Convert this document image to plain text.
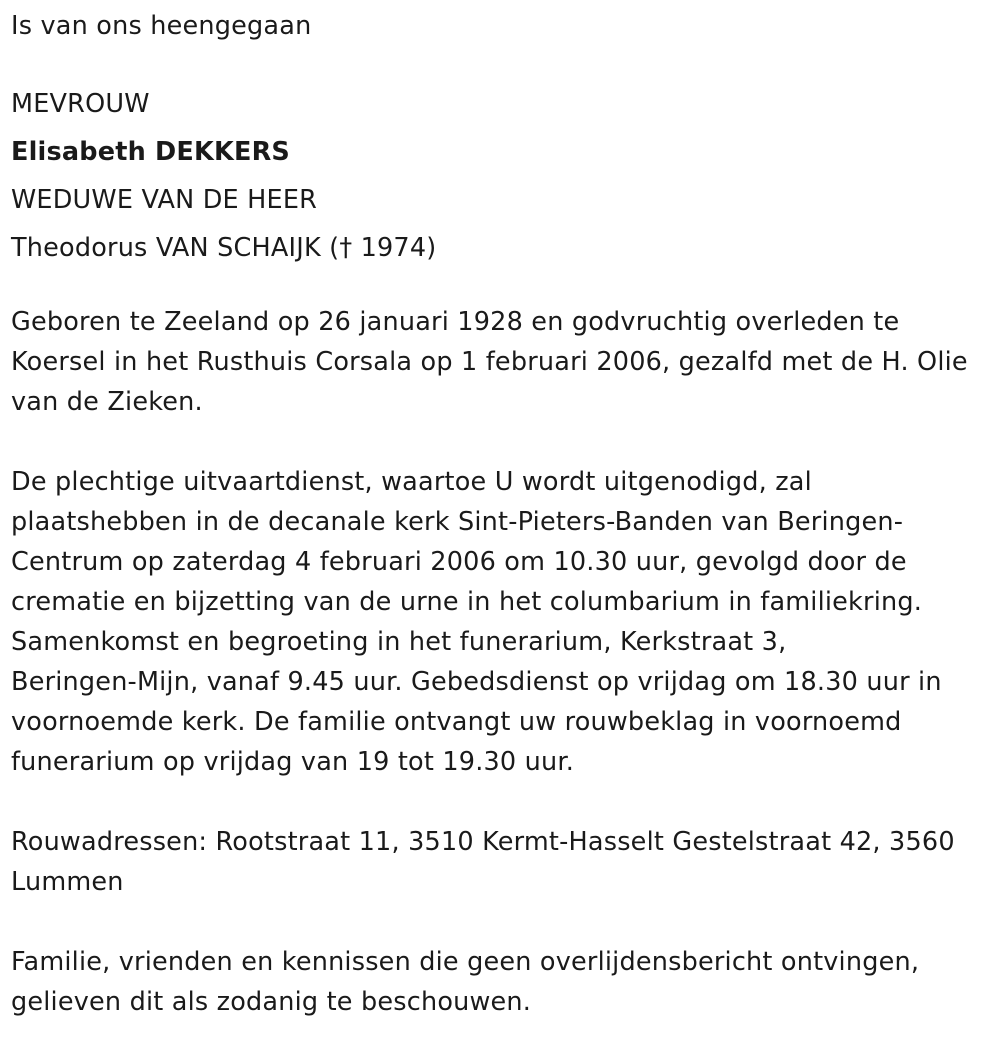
Is van ons heengegaan
MEVROUW
Elisabeth DEKKERS
WEDUWE VAN DE HEER
Theodorus VAN SCHAIJK († 1974)
Geboren te Zeeland op 26 januari 1928 en godvruchtig overleden te
Koersel in het Rusthuis Corsala op 1 februari 2006, gezalfd met de H. Olie
van de Zieken.
De plechtige uitvaartdienst, waartoe U wordt uitgenodigd, zal
plaatshebben in de decanale kerk Sint-Pieters-Banden van Beringen-
Centrum op zaterdag 4 februari 2006 om 10.30 uur, gevolgd door de
crematie en bijzetting van de urne in het columbarium in familiekring.
Samenkomst en begroeting in het funerarium, Kerkstraat 3,
Beringen-Mijn, vanaf 9.45 uur. Gebedsdienst op vrijdag om 18.30 uur in
voornoemde kerk. De familie ontvangt uw rouwbeklag in voornoemd
funerarium op vrijdag van 19 tot 19.30 uur.
Rouwadressen: Rootstraat 11, 3510 Kermt-Hasselt Gestelstraat 42, 3560
Lummen
Familie, vrienden en kennissen die geen overlijdensbericht ontvingen,
gelieven dit als zodanig te beschouwen.
